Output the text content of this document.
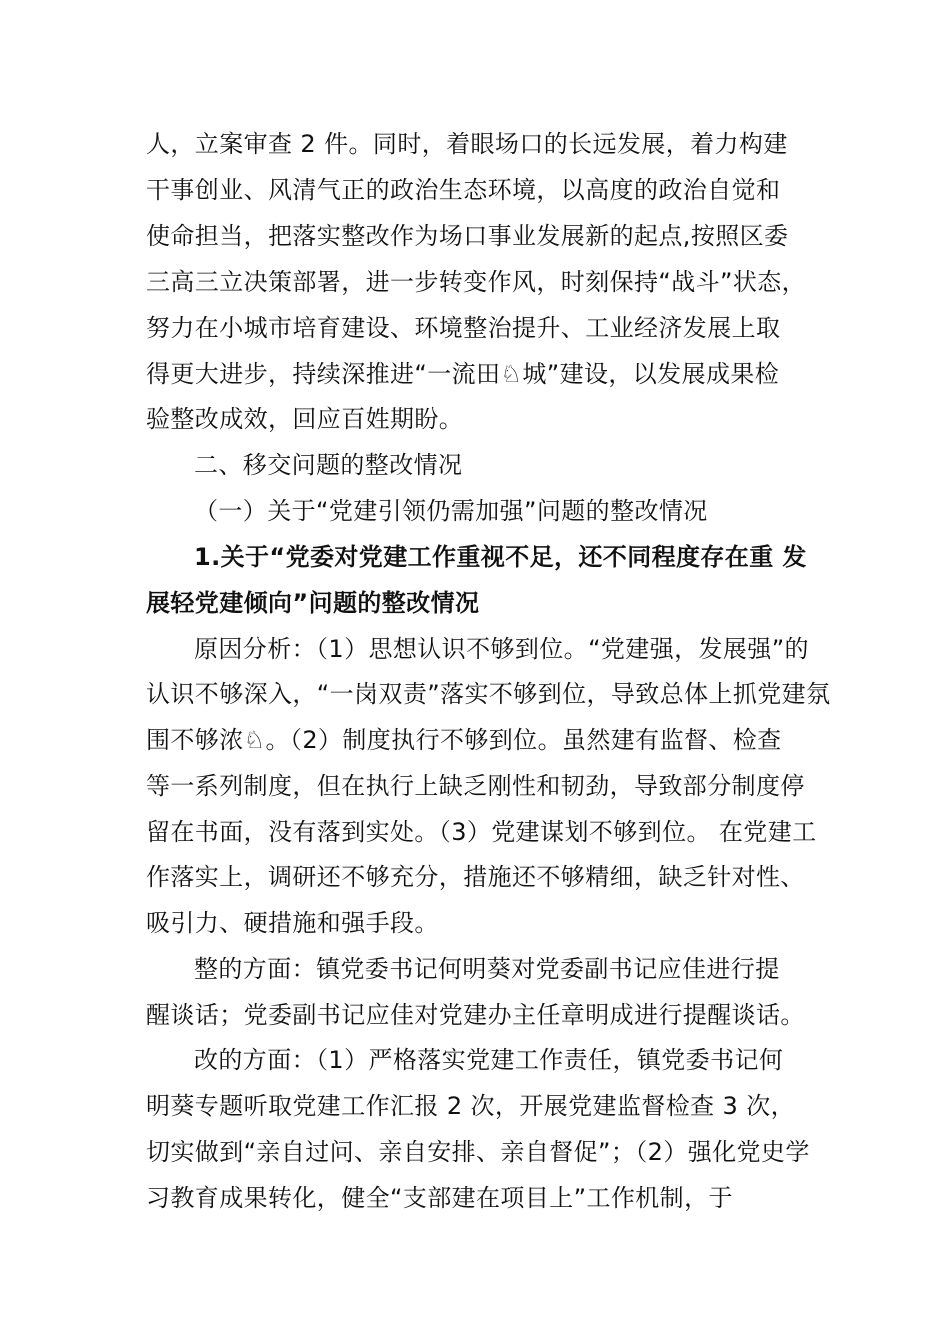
人，立案审查 2 件。同时，着眼场口的长远发展，着力构建
干事创业、风清气正的政治生态环境，以高度的政治自觉和
使命担当，把落实整改作为场口事业发展新的起点,按照区委
三高三立决策部署，进一步转变作风，时刻保持“战斗”状态，
努力在小城市培育建设、环境整治提升、工业经济发展上取
得更大进步，持续深推进“一流田♘城”建设，以发展成果检
验整改成效，回应百姓期盼。
二、移交问题的整改情况
（一）关于“党建引领仍需加强”问题的整改情况
1.关于“党委对党建工作重视不足，还不同程度存在重 发
展轻党建倾向”问题的整改情况
原因分析：（1）思想认识不够到位。“党建强，发展强”的
认识不够深入，“一岗双责”落实不够到位，导致总体上抓党建氛
围不够浓♘。（2）制度执行不够到位。虽然建有监督、检查
等一系列制度，但在执行上缺乏刚性和韧劲，导致部分制度停
留在书面，没有落到实处。（3）党建谋划不够到位。 在党建工
作落实上，调研还不够充分，措施还不够精细，缺乏针对性、
吸引力、硬措施和强手段。
整的方面：镇党委书记何明葵对党委副书记应佳进行提
醒谈话；党委副书记应佳对党建办主任章明成进行提醒谈话。
改的方面：（1）严格落实党建工作责任，镇党委书记何
明葵专题听取党建工作汇报 2 次，开展党建监督检查 3 次，
切实做到“亲自过问、亲自安排、亲自督促”；（2）强化党史学
习教育成果转化，健全“支部建在项目上”工作机制，于
